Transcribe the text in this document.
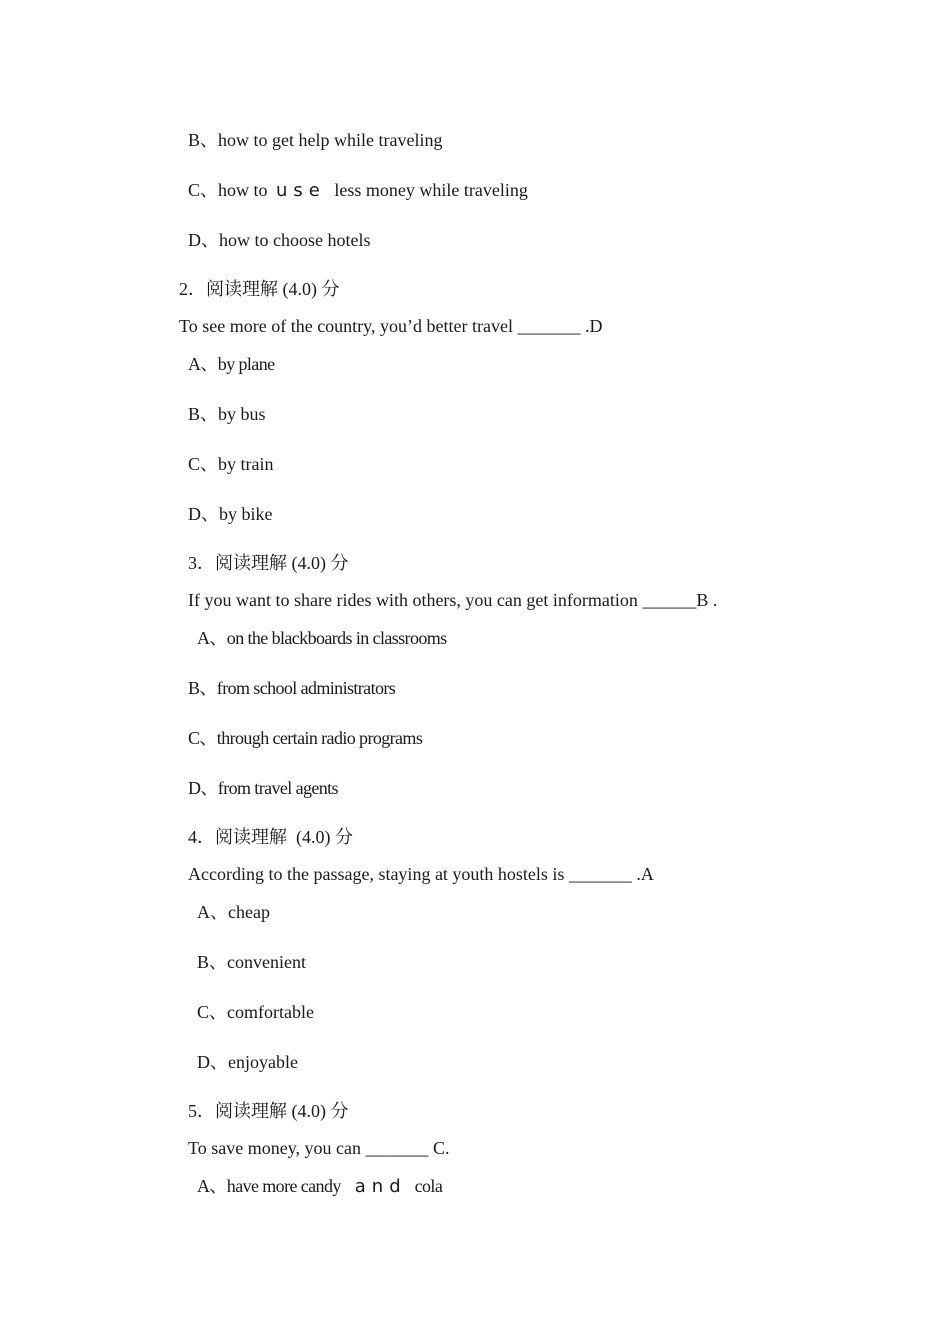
B、how to get help while traveling
C、how to use less money while traveling
D、how to choose hotels
2．阅读理解 (4.0) 分
To see more of the country, you’d better travel _______ .D
A、by plane
B、by bus
C、by train
D、by bike
3．阅读理解 (4.0) 分
If you want to share rides with others, you can get information ______B .
A、on the blackboards in classrooms
B、from school administrators
C、through certain radio programs
D、from travel agents
4．阅读理解  (4.0) 分
According to the passage, staying at youth hostels is _______ .A
A、cheap
B、convenient
C、comfortable
D、enjoyable
5．阅读理解 (4.0) 分
To save money, you can _______ C.
A、have more candy and cola
